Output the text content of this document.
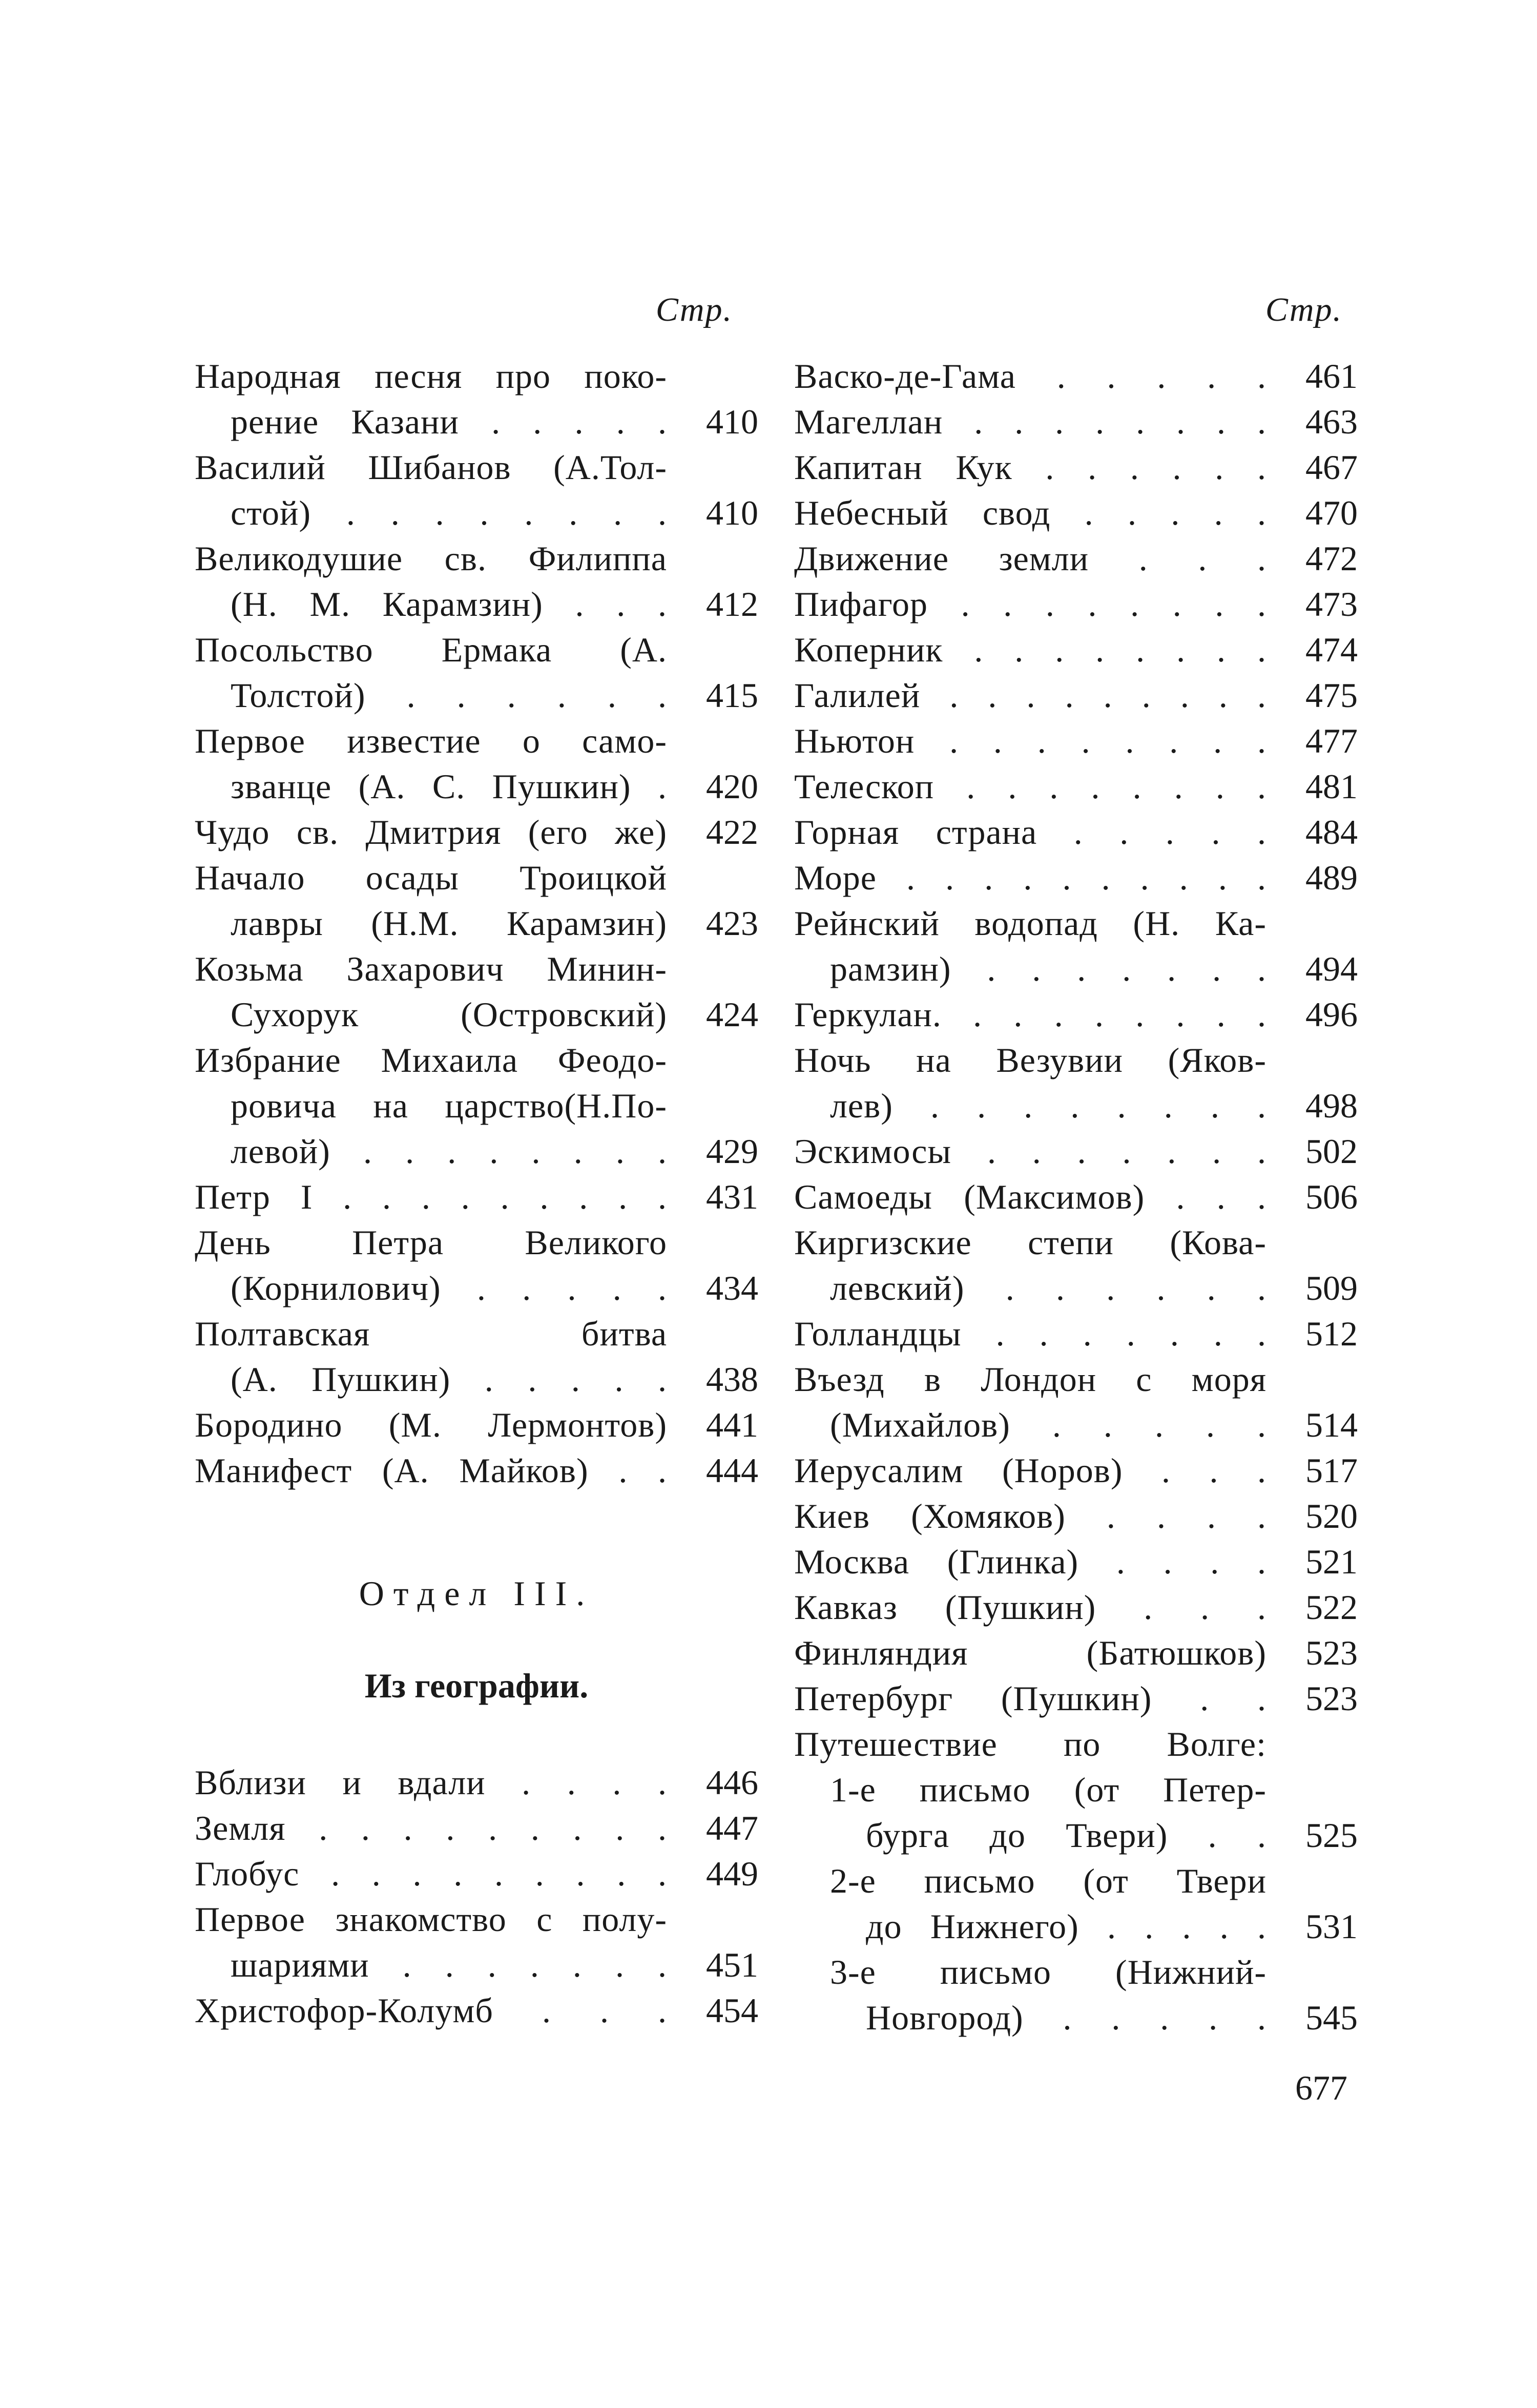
Стр.
Народная песня про поко-
рение Казани . . . . .	410
Василий Шибанов (А.Тол-
стой) . . . . . . . .	410
Великодушие св. Филиппа
(Н. М. Карамзин) . . .	412
Посольство Ермака (А.
Толстой) . . . . . .	415
Первое известие о само-
званце (А. С. Пушкин) .	420
Чудо св. Дмитрия (его же)	422
Начало осады Троицкой
лавры (Н.М. Карамзин)	423
Козьма Захарович Минин-
Сухорук (Островский)	424
Избрание Михаила Феодо-
ровича на царство(Н.По-
левой) . . . . . . . .	429
Петр I . . . . . . . . .	431
День Петра Великого
(Корнилович) . . . . .	434
Полтавская битва
(А. Пушкин) . . . . .	438
Бородино (М. Лермонтов)	441
Манифест (А. Майков) . .	444
Отдел III.
Из географии.
Вблизи и вдали . . . .	446
Земля . . . . . . . . .	447
Глобус . . . . . . . . .	449
Первое знакомство с полу-
шариями . . . . . . .	451
Христофор-Колумб . . .	454
Стр.
Васко-де-Гама . . . . .	461
Магеллан . . . . . . . .	463
Капитан Кук . . . . . .	467
Небесный свод . . . . .	470
Движение земли . . .	472
Пифагор . . . . . . . .	473
Коперник . . . . . . . .	474
Галилей . . . . . . . . .	475
Ньютон . . . . . . . .	477
Телескоп . . . . . . . .	481
Горная страна . . . . .	484
Море . . . . . . . . . .	489
Рейнский водопад (Н. Ка-
рамзин) . . . . . . .	494
Геркулан. . . . . . . . .	496
Ночь на Везувии (Яков-
лев) . . . . . . . .	498
Эскимосы . . . . . . .	502
Самоеды (Максимов) . . .	506
Киргизские степи (Кова-
левский) . . . . . .	509
Голландцы . . . . . . .	512
Въезд в Лондон с моря
(Михайлов) . . . . .	514
Иерусалим (Норов) . . .	517
Киев (Хомяков) . . . .	520
Москва (Глинка) . . . .	521
Кавказ (Пушкин) . . .	522
Финляндия (Батюшков)	523
Петербург (Пушкин) . .	523
Путешествие по Волге:
1-е письмо (от Петер-
бурга до Твери) . .	525
2-е письмо (от Твери
до Нижнего) . . . . .	531
3-е письмо (Нижний-
Новгород) . . . . .	545
677
